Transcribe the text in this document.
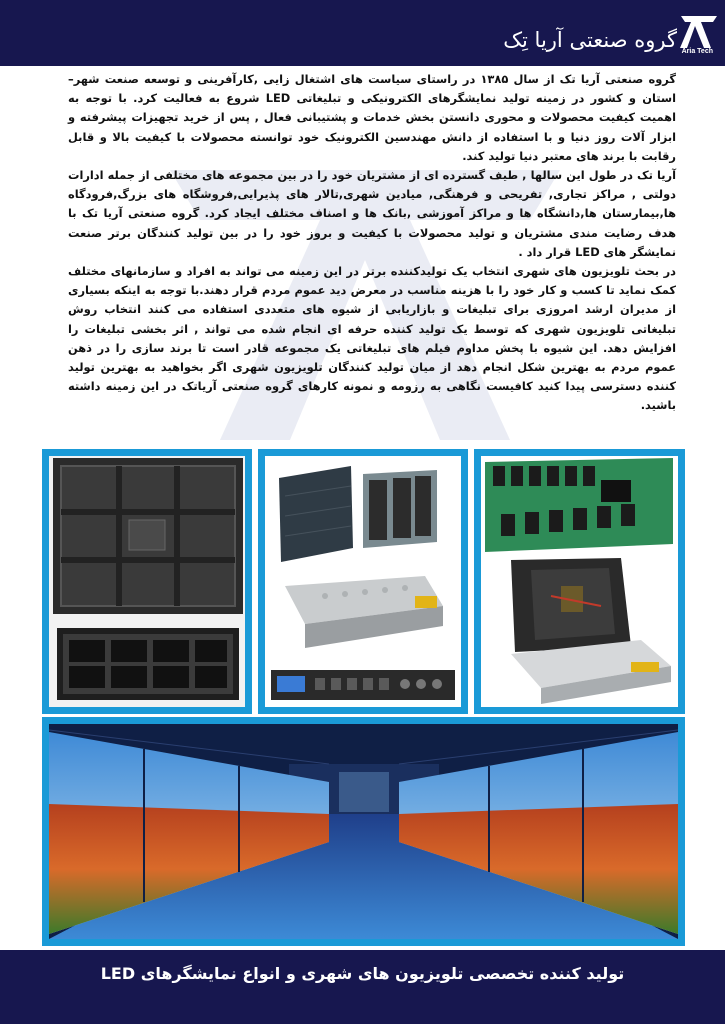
گروه صنعتی آریا تِک Aria Tech

گروه صنعتی آریا تک از سال ۱۳۸۵ در راستای سیاست های اشتغال زایی ,کارآفرینی و توسعه صنعت شهر–استان و کشور در زمینه تولید نمایشگرهای الکترونیکی و تبلیغاتی LED شروع به فعالیت کرد. با توجه به اهمیت کیفیت محصولات و محوری دانستن بخش خدمات و پشتیبانی فعال , پس از خرید تجهیزات پیشرفته و ابزار آلات روز دنیا و با استفاده از دانش مهندسین الکترونیک خود توانسته محصولات با کیفیت بالا و قابل رقابت با برند های معتبر دنیا تولید کند.

آریا تک در طول این سالها , طیف گسترده ای از مشتریان خود را در بین مجموعه های مختلفی از جمله ادارات دولتی , مراکز تجاری, تفریحی و فرهنگی, میادین شهری,تالار های پذیرایی,فروشگاه های بزرگ,فرودگاه ها,بیمارستان ها,دانشگاه ها و مراکز آموزشی ,بانک ها و اصناف مختلف ایجاد کرد. گروه صنعتی آریا تک با هدف رضایت مندی مشتریان و تولید محصولات با کیفیت و بروز خود را در بین تولید کنندگان برتر صنعت نمایشگر های LED قرار داد .

در بحث تلویزیون های شهری انتخاب یک تولیدکننده برتر در این زمینه می تواند به افراد و سازمانهای مختلف کمک نماید تا کسب و کار خود را با هزینه مناسب در معرض دید عموم مردم قرار دهند.با توجه به اینکه بسیاری از مدیران ارشد امروزی برای تبلیغات و بازاریابی از شیوه های متعددی استفاده می کنند انتخاب روش تبلیغاتی تلویزیون شهری که توسط یک تولید کننده حرفه ای انجام شده می تواند , اثر بخشی تبلیغات را افزایش دهد. این شیوه با پخش مداوم فیلم های تبلیغاتی یک مجموعه قادر است تا برند سازی را در ذهن عموم مردم به بهترین شکل انجام دهد از میان تولید کنندگان تلویزیون شهری اگر بخواهید به بهترین تولید کننده دسترسی پیدا کنید کافیست نگاهی به رزومه و نمونه کارهای گروه صنعتی آریاتک در این زمینه داشته باشید.

تولید کننده تخصصی تلویزیون های شهری و انواع نمایشگرهای LED
